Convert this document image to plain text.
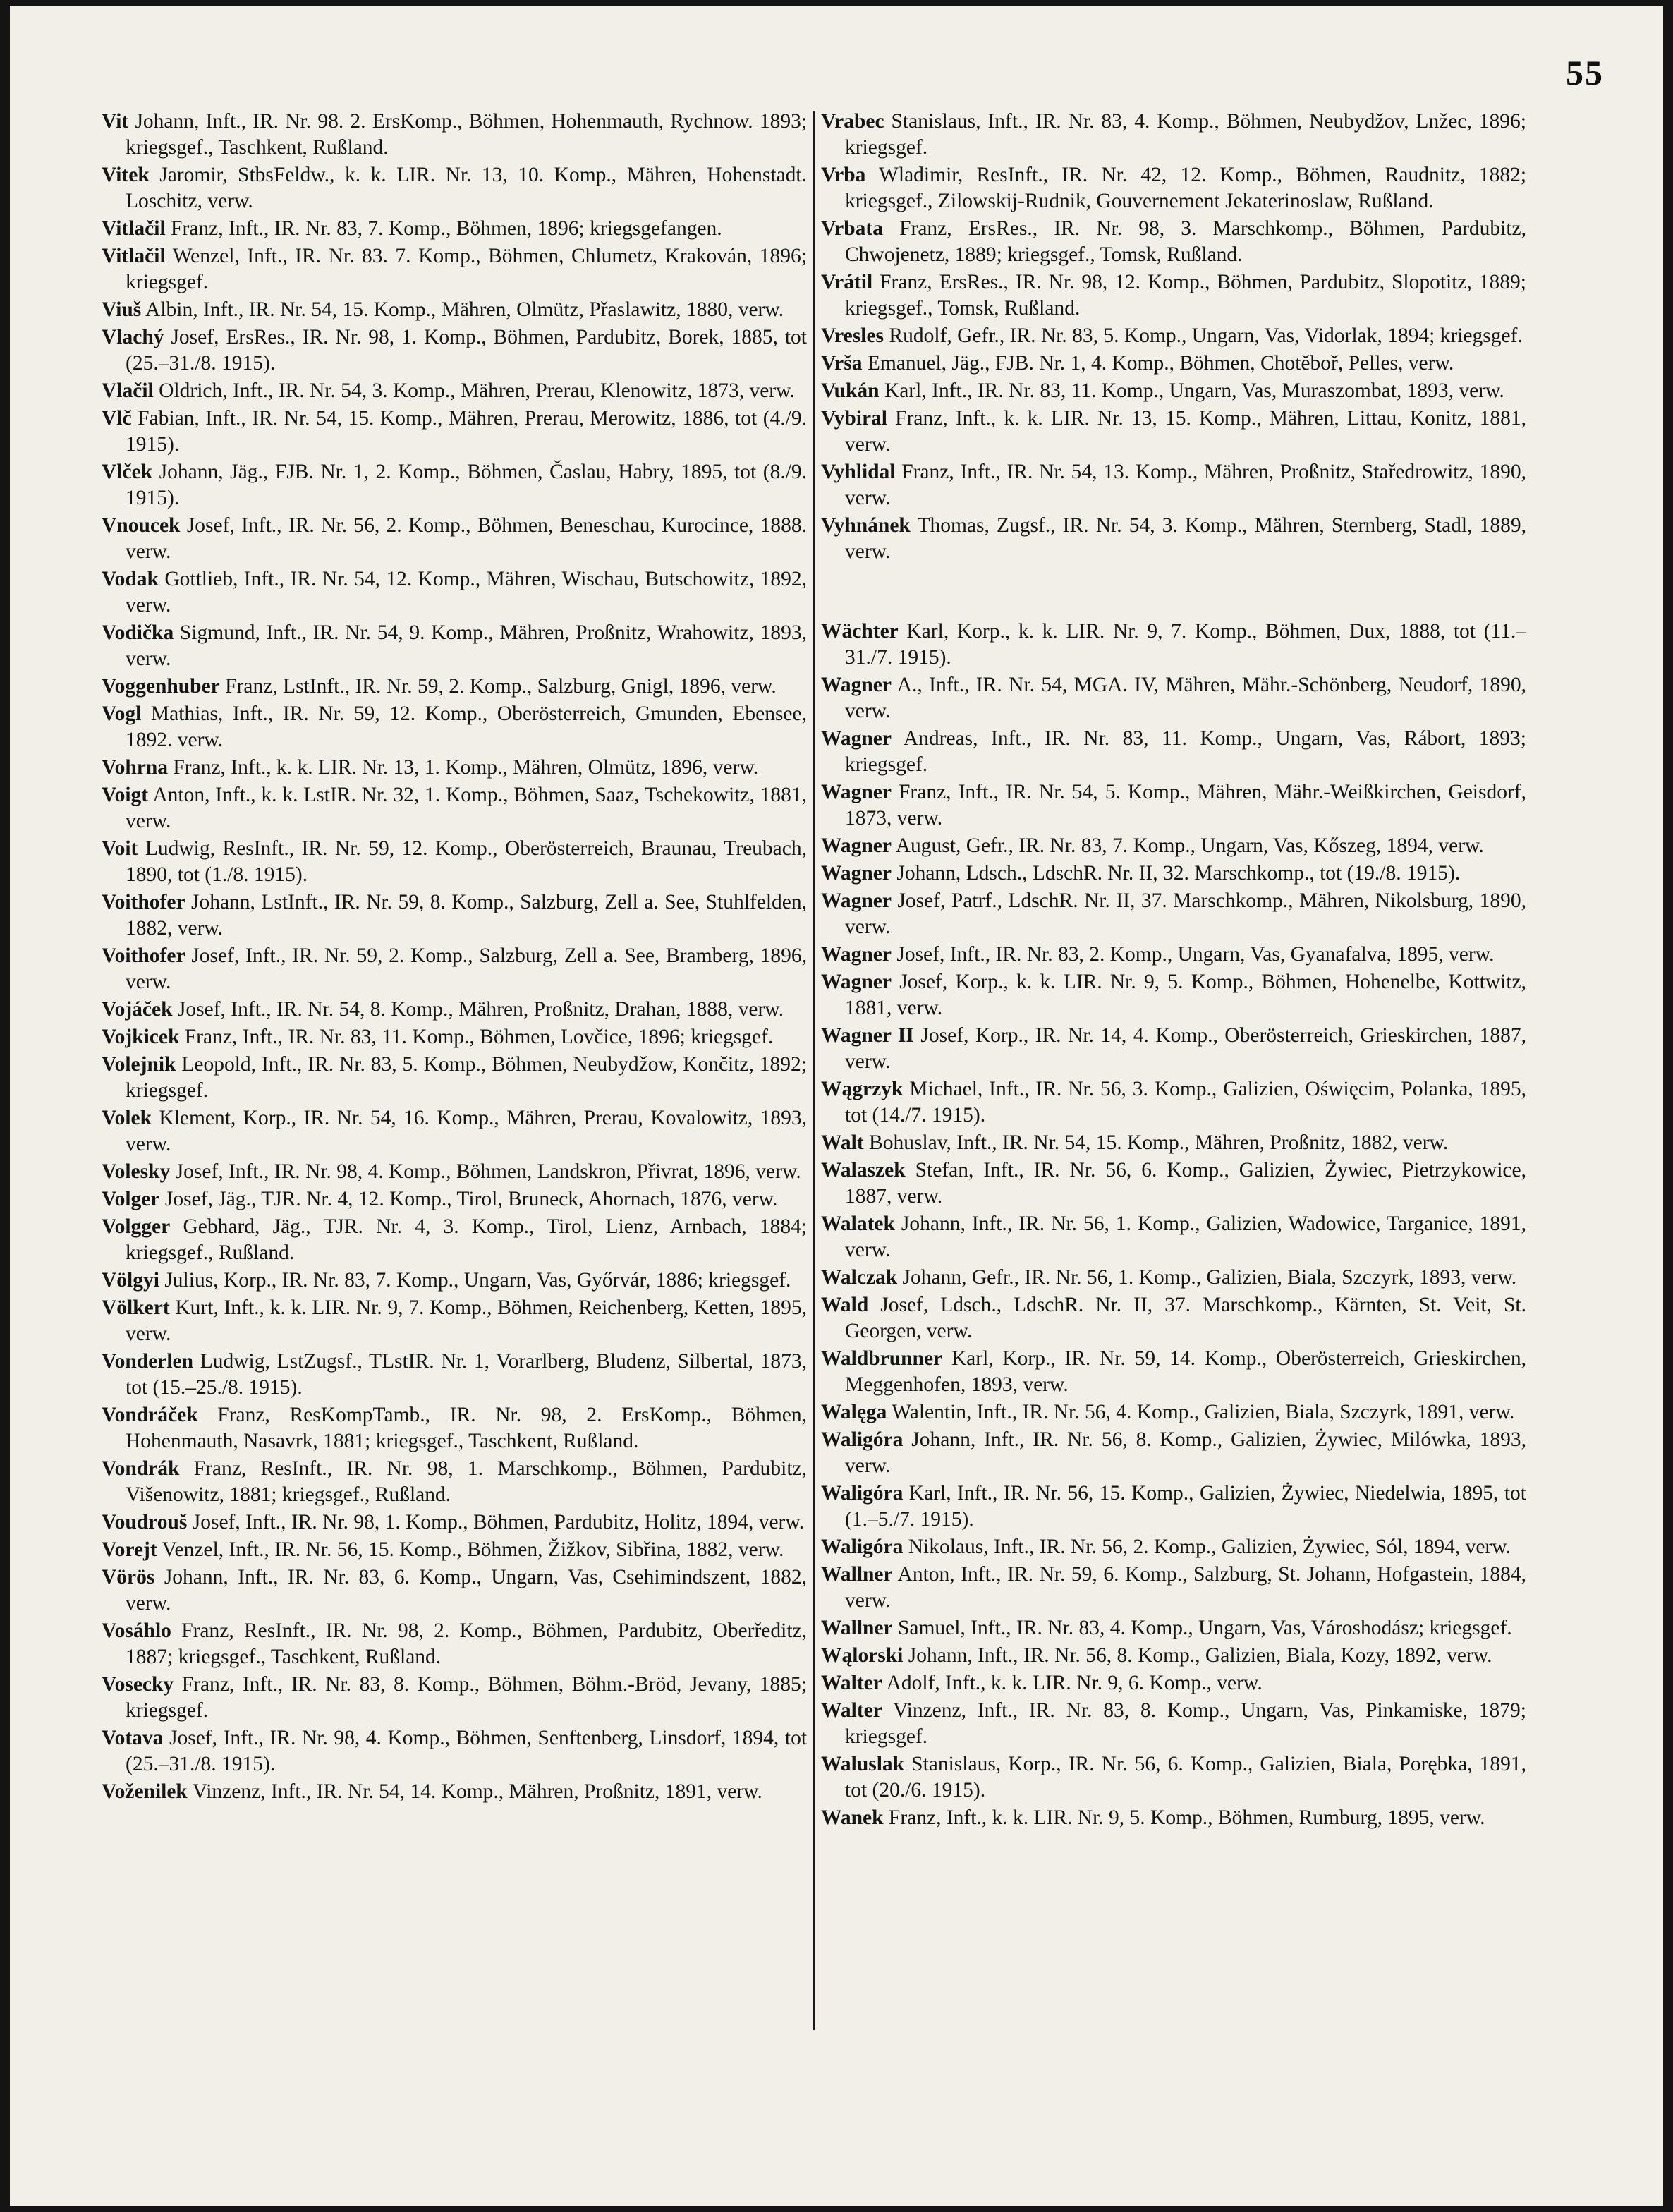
55
Vit Johann, Inft., IR. Nr. 98. 2. ErsKomp., Böhmen, Hohenmauth, Rychnow. 1893; kriegsgef., Taschkent, Rußland.
Vitek Jaromir, StbsFeldw., k. k. LIR. Nr. 13, 10. Komp., Mähren, Hohenstadt. Loschitz, verw.
Vitlačil Franz, Inft., IR. Nr. 83, 7. Komp., Böhmen, 1896; kriegsgefangen.
Vitlačil Wenzel, Inft., IR. Nr. 83. 7. Komp., Böhmen, Chlumetz, Krakován, 1896; kriegsgef.
Viuš Albin, Inft., IR. Nr. 54, 15. Komp., Mähren, Olmütz, Přaslawitz, 1880, verw.
Vlachý Josef, ErsRes., IR. Nr. 98, 1. Komp., Böhmen, Pardubitz, Borek, 1885, tot (25.–31./8. 1915).
Vlačil Oldrich, Inft., IR. Nr. 54, 3. Komp., Mähren, Prerau, Klenowitz, 1873, verw.
Vlč Fabian, Inft., IR. Nr. 54, 15. Komp., Mähren, Prerau, Merowitz, 1886, tot (4./9. 1915).
Vlček Johann, Jäg., FJB. Nr. 1, 2. Komp., Böhmen, Časlau, Habry, 1895, tot (8./9. 1915).
Vnoucek Josef, Inft., IR. Nr. 56, 2. Komp., Böhmen, Beneschau, Kurocince, 1888. verw.
Vodak Gottlieb, Inft., IR. Nr. 54, 12. Komp., Mähren, Wischau, Butschowitz, 1892, verw.
Vodička Sigmund, Inft., IR. Nr. 54, 9. Komp., Mähren, Proßnitz, Wrahowitz, 1893, verw.
Voggenhuber Franz, LstInft., IR. Nr. 59, 2. Komp., Salzburg, Gnigl, 1896, verw.
Vogl Mathias, Inft., IR. Nr. 59, 12. Komp., Oberösterreich, Gmunden, Ebensee, 1892. verw.
Vohrna Franz, Inft., k. k. LIR. Nr. 13, 1. Komp., Mähren, Olmütz, 1896, verw.
Voigt Anton, Inft., k. k. LstIR. Nr. 32, 1. Komp., Böhmen, Saaz, Tschekowitz, 1881, verw.
Voit Ludwig, ResInft., IR. Nr. 59, 12. Komp., Oberösterreich, Braunau, Treubach, 1890, tot (1./8. 1915).
Voithofer Johann, LstInft., IR. Nr. 59, 8. Komp., Salzburg, Zell a. See, Stuhlfelden, 1882, verw.
Voithofer Josef, Inft., IR. Nr. 59, 2. Komp., Salzburg, Zell a. See, Bramberg, 1896, verw.
Vojáček Josef, Inft., IR. Nr. 54, 8. Komp., Mähren, Proßnitz, Drahan, 1888, verw.
Vojkicek Franz, Inft., IR. Nr. 83, 11. Komp., Böhmen, Lovčice, 1896; kriegsgef.
Volejnik Leopold, Inft., IR. Nr. 83, 5. Komp., Böhmen, Neubydžow, Končitz, 1892; kriegsgef.
Volek Klement, Korp., IR. Nr. 54, 16. Komp., Mähren, Prerau, Kovalowitz, 1893, verw.
Volesky Josef, Inft., IR. Nr. 98, 4. Komp., Böhmen, Landskron, Přivrat, 1896, verw.
Volger Josef, Jäg., TJR. Nr. 4, 12. Komp., Tirol, Bruneck, Ahornach, 1876, verw.
Volgger Gebhard, Jäg., TJR. Nr. 4, 3. Komp., Tirol, Lienz, Arnbach, 1884; kriegsgef., Rußland.
Völgyi Julius, Korp., IR. Nr. 83, 7. Komp., Ungarn, Vas, Győrvár, 1886; kriegsgef.
Völkert Kurt, Inft., k. k. LIR. Nr. 9, 7. Komp., Böhmen, Reichenberg, Ketten, 1895, verw.
Vonderlen Ludwig, LstZugsf., TLstIR. Nr. 1, Vorarlberg, Bludenz, Silbertal, 1873, tot (15.–25./8. 1915).
Vondráček Franz, ResKompTamb., IR. Nr. 98, 2. ErsKomp., Böhmen, Hohenmauth, Nasavrk, 1881; kriegsgef., Taschkent, Rußland.
Vondrák Franz, ResInft., IR. Nr. 98, 1. Marschkomp., Böhmen, Pardubitz, Višenowitz, 1881; kriegsgef., Rußland.
Voudrouš Josef, Inft., IR. Nr. 98, 1. Komp., Böhmen, Pardubitz, Holitz, 1894, verw.
Vorejt Venzel, Inft., IR. Nr. 56, 15. Komp., Böhmen, Žižkov, Sibřina, 1882, verw.
Vörös Johann, Inft., IR. Nr. 83, 6. Komp., Ungarn, Vas, Csehimindszent, 1882, verw.
Vosáhlo Franz, ResInft., IR. Nr. 98, 2. Komp., Böhmen, Pardubitz, Oberředitz, 1887; kriegsgef., Taschkent, Rußland.
Vosecky Franz, Inft., IR. Nr. 83, 8. Komp., Böhmen, Böhm.-Bröd, Jevany, 1885; kriegsgef.
Votava Josef, Inft., IR. Nr. 98, 4. Komp., Böhmen, Senftenberg, Linsdorf, 1894, tot (25.–31./8. 1915).
Voženilek Vinzenz, Inft., IR. Nr. 54, 14. Komp., Mähren, Proßnitz, 1891, verw.
Vrabec Stanislaus, Inft., IR. Nr. 83, 4. Komp., Böhmen, Neubydžov, Lnžec, 1896; kriegsgef.
Vrba Wladimir, ResInft., IR. Nr. 42, 12. Komp., Böhmen, Raudnitz, 1882; kriegsgef., Zilowskij-Rudnik, Gouvernement Jekaterinoslaw, Rußland.
Vrbata Franz, ErsRes., IR. Nr. 98, 3. Marschkomp., Böhmen, Pardubitz, Chwojenetz, 1889; kriegsgef., Tomsk, Rußland.
Vrátil Franz, ErsRes., IR. Nr. 98, 12. Komp., Böhmen, Pardubitz, Slopotitz, 1889; kriegsgef., Tomsk, Rußland.
Vresles Rudolf, Gefr., IR. Nr. 83, 5. Komp., Ungarn, Vas, Vidorlak, 1894; kriegsgef.
Vrša Emanuel, Jäg., FJB. Nr. 1, 4. Komp., Böhmen, Chotěboř, Pelles, verw.
Vukán Karl, Inft., IR. Nr. 83, 11. Komp., Ungarn, Vas, Muraszombat, 1893, verw.
Vybiral Franz, Inft., k. k. LIR. Nr. 13, 15. Komp., Mähren, Littau, Konitz, 1881, verw.
Vyhlidal Franz, Inft., IR. Nr. 54, 13. Komp., Mähren, Proßnitz, Staředrowitz, 1890, verw.
Vyhnánek Thomas, Zugsf., IR. Nr. 54, 3. Komp., Mähren, Sternberg, Stadl, 1889, verw.
Wächter Karl, Korp., k. k. LIR. Nr. 9, 7. Komp., Böhmen, Dux, 1888, tot (11.–31./7. 1915).
Wagner A., Inft., IR. Nr. 54, MGA. IV, Mähren, Mähr.-Schönberg, Neudorf, 1890, verw.
Wagner Andreas, Inft., IR. Nr. 83, 11. Komp., Ungarn, Vas, Rábort, 1893; kriegsgef.
Wagner Franz, Inft., IR. Nr. 54, 5. Komp., Mähren, Mähr.-Weißkirchen, Geisdorf, 1873, verw.
Wagner August, Gefr., IR. Nr. 83, 7. Komp., Ungarn, Vas, Kőszeg, 1894, verw.
Wagner Johann, Ldsch., LdschR. Nr. II, 32. Marschkomp., tot (19./8. 1915).
Wagner Josef, Patrf., LdschR. Nr. II, 37. Marschkomp., Mähren, Nikolsburg, 1890, verw.
Wagner Josef, Inft., IR. Nr. 83, 2. Komp., Ungarn, Vas, Gyanafalva, 1895, verw.
Wagner Josef, Korp., k. k. LIR. Nr. 9, 5. Komp., Böhmen, Hohenelbe, Kottwitz, 1881, verw.
Wagner II Josef, Korp., IR. Nr. 14, 4. Komp., Oberösterreich, Grieskirchen, 1887, verw.
Wągrzyk Michael, Inft., IR. Nr. 56, 3. Komp., Galizien, Oświęcim, Polanka, 1895, tot (14./7. 1915).
Walt Bohuslav, Inft., IR. Nr. 54, 15. Komp., Mähren, Proßnitz, 1882, verw.
Walaszek Stefan, Inft., IR. Nr. 56, 6. Komp., Galizien, Żywiec, Pietrzykowice, 1887, verw.
Walatek Johann, Inft., IR. Nr. 56, 1. Komp., Galizien, Wadowice, Targanice, 1891, verw.
Walczak Johann, Gefr., IR. Nr. 56, 1. Komp., Galizien, Biala, Szczyrk, 1893, verw.
Wald Josef, Ldsch., LdschR. Nr. II, 37. Marschkomp., Kärnten, St. Veit, St. Georgen, verw.
Waldbrunner Karl, Korp., IR. Nr. 59, 14. Komp., Oberösterreich, Grieskirchen, Meggenhofen, 1893, verw.
Walęga Walentin, Inft., IR. Nr. 56, 4. Komp., Galizien, Biala, Szczyrk, 1891, verw.
Waligóra Johann, Inft., IR. Nr. 56, 8. Komp., Galizien, Żywiec, Milówka, 1893, verw.
Waligóra Karl, Inft., IR. Nr. 56, 15. Komp., Galizien, Żywiec, Niedelwia, 1895, tot (1.–5./7. 1915).
Waligóra Nikolaus, Inft., IR. Nr. 56, 2. Komp., Galizien, Żywiec, Sól, 1894, verw.
Wallner Anton, Inft., IR. Nr. 59, 6. Komp., Salzburg, St. Johann, Hofgastein, 1884, verw.
Wallner Samuel, Inft., IR. Nr. 83, 4. Komp., Ungarn, Vas, Városhodász; kriegsgef.
Wąlorski Johann, Inft., IR. Nr. 56, 8. Komp., Galizien, Biala, Kozy, 1892, verw.
Walter Adolf, Inft., k. k. LIR. Nr. 9, 6. Komp., verw.
Walter Vinzenz, Inft., IR. Nr. 83, 8. Komp., Ungarn, Vas, Pinkamiske, 1879; kriegsgef.
Waluslak Stanislaus, Korp., IR. Nr. 56, 6. Komp., Galizien, Biala, Porębka, 1891, tot (20./6. 1915).
Wanek Franz, Inft., k. k. LIR. Nr. 9, 5. Komp., Böhmen, Rumburg, 1895, verw.
